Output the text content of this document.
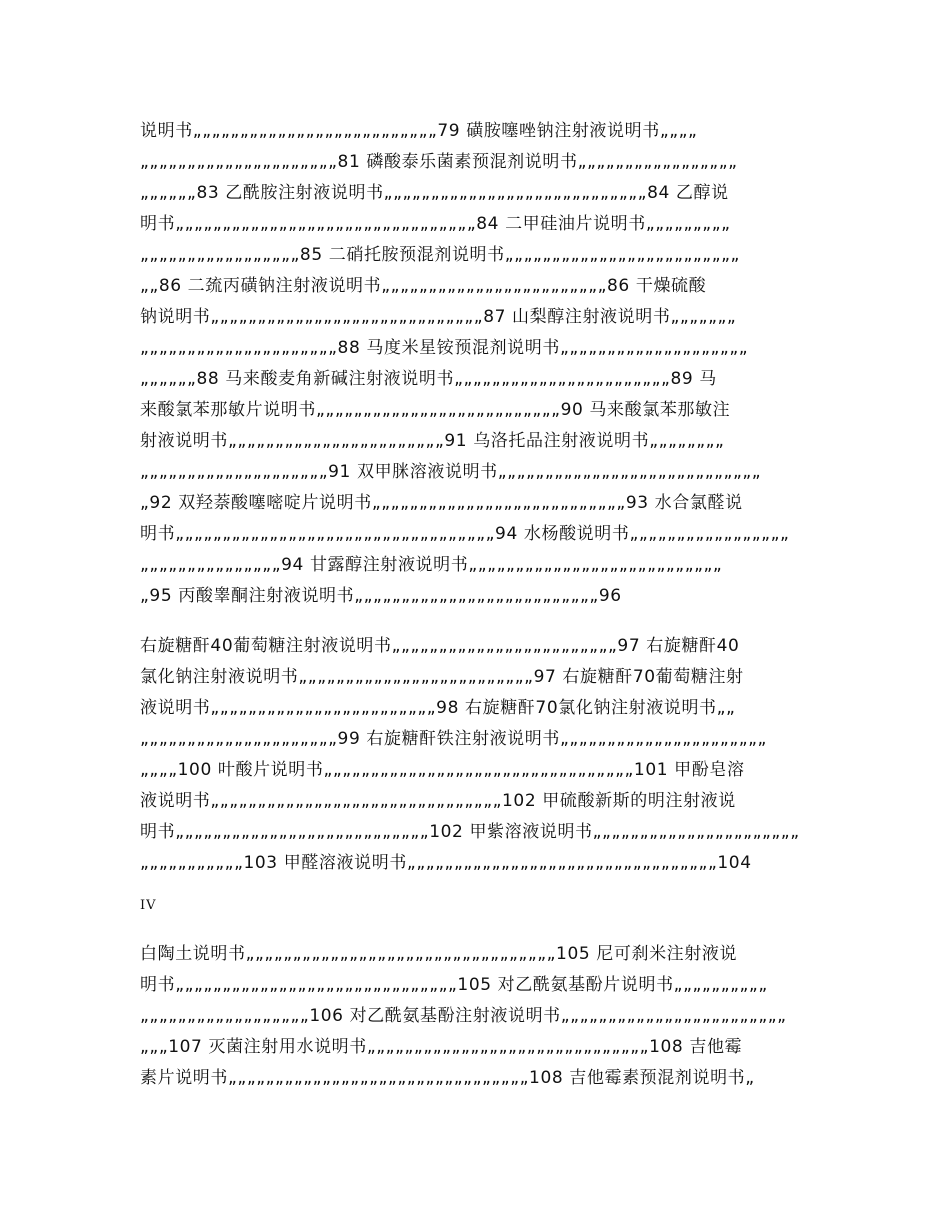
说明书„„„„„„„„„„„„„„„„„„„„„„„„„„79 磺胺噻唑钠注射液说明书„„„„
„„„„„„„„„„„„„„„„„„„„„81 磷酸泰乐菌素预混剂说明书„„„„„„„„„„„„„„„„„
„„„„„„83 乙酰胺注射液说明书„„„„„„„„„„„„„„„„„„„„„„„„„„„„84 乙醇说
明书„„„„„„„„„„„„„„„„„„„„„„„„„„„„„„„„84 二甲硅油片说明书„„„„„„„„„
„„„„„„„„„„„„„„„„„85 二硝托胺预混剂说明书„„„„„„„„„„„„„„„„„„„„„„„„„
„„86 二巯丙磺钠注射液说明书„„„„„„„„„„„„„„„„„„„„„„„„86 干燥硫酸
钠说明书„„„„„„„„„„„„„„„„„„„„„„„„„„„„„87 山梨醇注射液说明书„„„„„„„
„„„„„„„„„„„„„„„„„„„„„88 马度米星铵预混剂说明书„„„„„„„„„„„„„„„„„„„„
„„„„„„88 马来酸麦角新碱注射液说明书„„„„„„„„„„„„„„„„„„„„„„„89 马
来酸氯苯那敏片说明书„„„„„„„„„„„„„„„„„„„„„„„„„„90 马来酸氯苯那敏注
射液说明书„„„„„„„„„„„„„„„„„„„„„„„91 乌洛托品注射液说明书„„„„„„„„
„„„„„„„„„„„„„„„„„„„„91 双甲脒溶液说明书„„„„„„„„„„„„„„„„„„„„„„„„„„„„
„92 双羟萘酸噻嘧啶片说明书„„„„„„„„„„„„„„„„„„„„„„„„„„„93 水合氯醛说
明书„„„„„„„„„„„„„„„„„„„„„„„„„„„„„„„„„„94 水杨酸说明书„„„„„„„„„„„„„„„„„
„„„„„„„„„„„„„„„94 甘露醇注射液说明书„„„„„„„„„„„„„„„„„„„„„„„„„„„
„95 丙酸睾酮注射液说明书„„„„„„„„„„„„„„„„„„„„„„„„„„96
右旋糖酐40葡萄糖注射液说明书„„„„„„„„„„„„„„„„„„„„„„„„97 右旋糖酐40
氯化钠注射液说明书„„„„„„„„„„„„„„„„„„„„„„„„„97 右旋糖酐70葡萄糖注射
液说明书„„„„„„„„„„„„„„„„„„„„„„„„98 右旋糖酐70氯化钠注射液说明书„„
„„„„„„„„„„„„„„„„„„„„„99 右旋糖酐铁注射液说明书„„„„„„„„„„„„„„„„„„„„„„
„„„„100 叶酸片说明书„„„„„„„„„„„„„„„„„„„„„„„„„„„„„„„„„101 甲酚皂溶
液说明书„„„„„„„„„„„„„„„„„„„„„„„„„„„„„„„102 甲硫酸新斯的明注射液说
明书„„„„„„„„„„„„„„„„„„„„„„„„„„„102 甲紫溶液说明书„„„„„„„„„„„„„„„„„„„„„„
„„„„„„„„„„„103 甲醛溶液说明书„„„„„„„„„„„„„„„„„„„„„„„„„„„„„„„„„104
IV
白陶土说明书„„„„„„„„„„„„„„„„„„„„„„„„„„„„„„„„„105 尼可刹米注射液说
明书„„„„„„„„„„„„„„„„„„„„„„„„„„„„„„105 对乙酰氨基酚片说明书„„„„„„„„„„
„„„„„„„„„„„„„„„„„„106 对乙酰氨基酚注射液说明书„„„„„„„„„„„„„„„„„„„„„„„„
„„„107 灭菌注射用水说明书„„„„„„„„„„„„„„„„„„„„„„„„„„„„„„108 吉他霉
素片说明书„„„„„„„„„„„„„„„„„„„„„„„„„„„„„„„„108 吉他霉素预混剂说明书„
